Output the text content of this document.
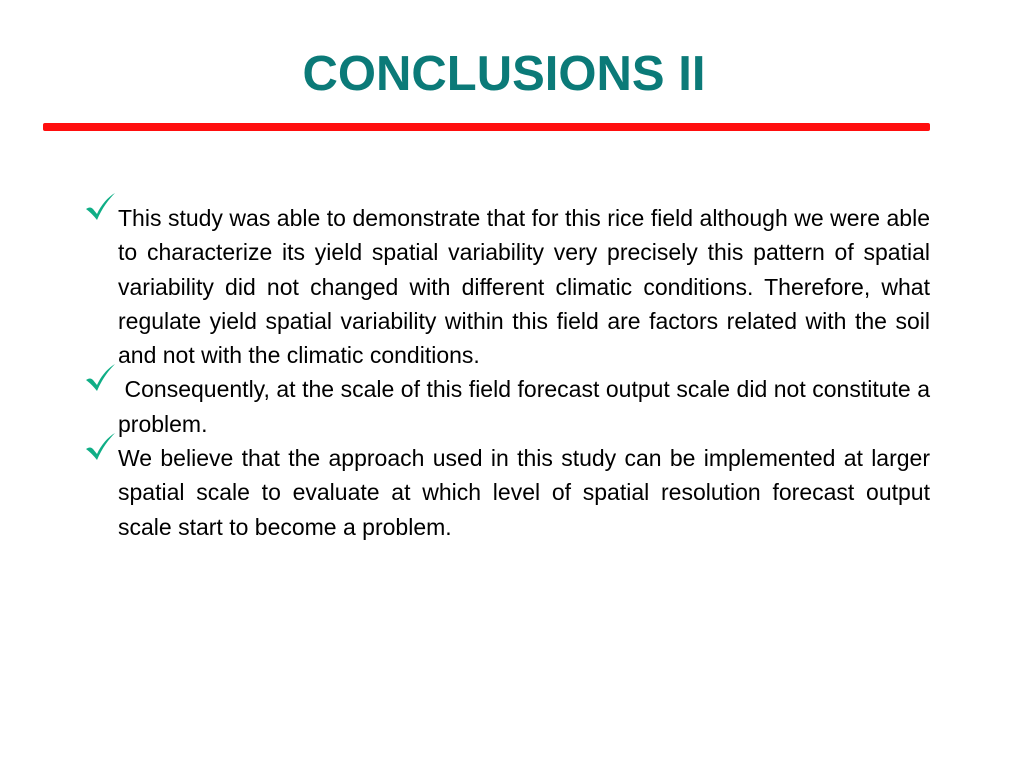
CONCLUSIONS II
This study was able to demonstrate that for this rice field although we were able to characterize its yield spatial variability very precisely this pattern of spatial variability did not changed with different climatic conditions. Therefore, what regulate yield spatial variability within this field are factors related with the soil and not with the climatic conditions.
Consequently, at the scale of this field forecast output scale did not constitute a problem.
We believe that the approach used in this study can be implemented at larger spatial scale to evaluate at which level of spatial resolution forecast output scale start to become a problem.
